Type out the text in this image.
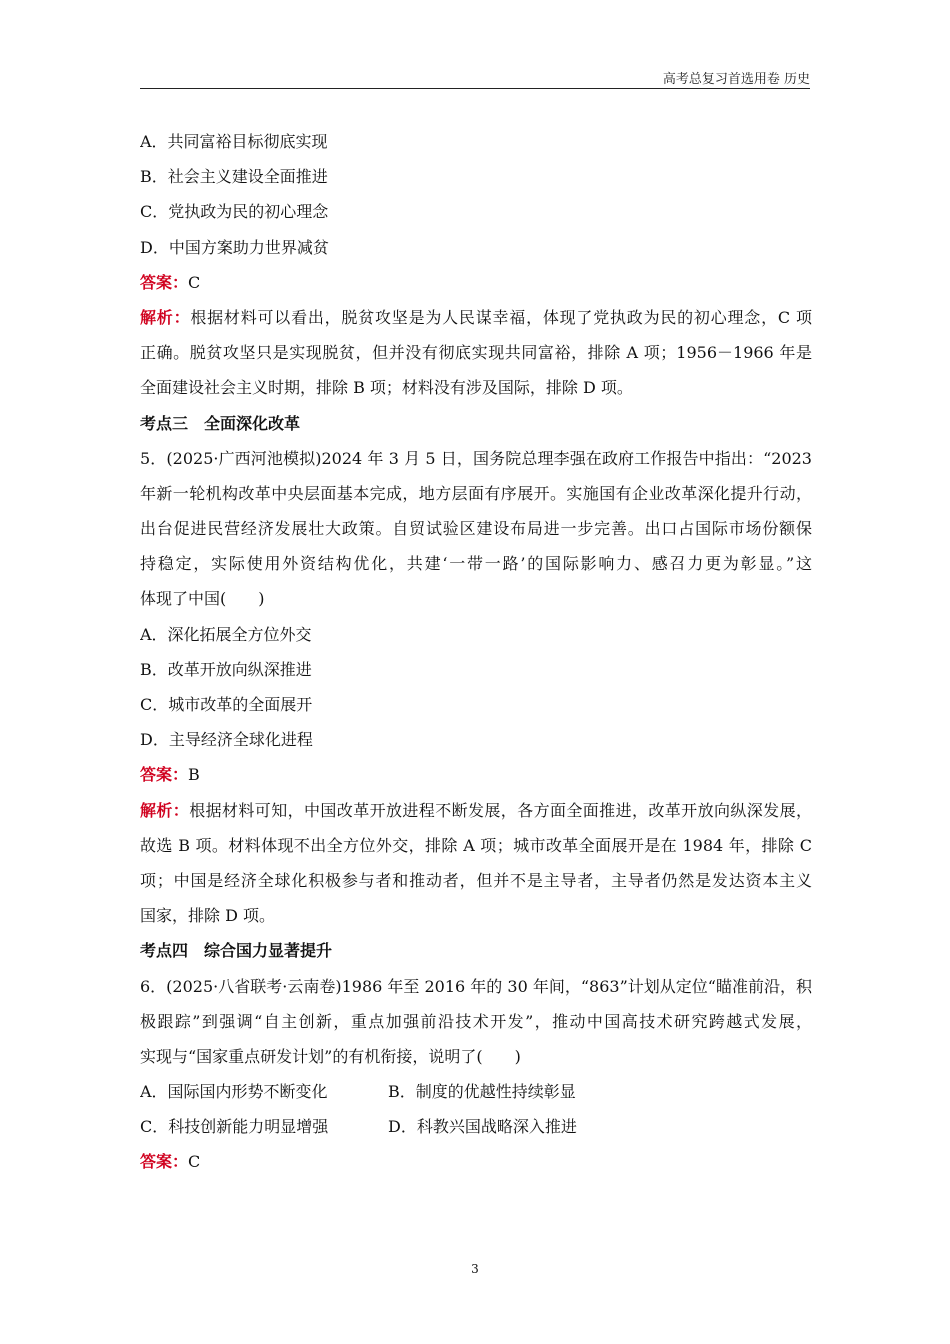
高考总复习首选用卷 历史
A．共同富裕目标彻底实现
B．社会主义建设全面推进
C．党执政为民的初心理念
D．中国方案助力世界减贫
答案：C
解析：根据材料可以看出，脱贫攻坚是为人民谋幸福，体现了党执政为民的初心理念，C 项
正确。脱贫攻坚只是实现脱贫，但并没有彻底实现共同富裕，排除 A 项；1956－1966 年是
全面建设社会主义时期，排除 B 项；材料没有涉及国际，排除 D 项。
考点三　全面深化改革
5．(2025·广西河池模拟)2024 年 3 月 5 日，国务院总理李强在政府工作报告中指出：“2023
年新一轮机构改革中央层面基本完成，地方层面有序展开。实施国有企业改革深化提升行动，
出台促进民营经济发展壮大政策。自贸试验区建设布局进一步完善。出口占国际市场份额保
持稳定，实际使用外资结构优化，共建‘一带一路’的国际影响力、感召力更为彰显。”这
体现了中国(　　)
A．深化拓展全方位外交
B．改革开放向纵深推进
C．城市改革的全面展开
D．主导经济全球化进程
答案：B
解析：根据材料可知，中国改革开放进程不断发展，各方面全面推进，改革开放向纵深发展，
故选 B 项。材料体现不出全方位外交，排除 A 项；城市改革全面展开是在 1984 年，排除 C
项；中国是经济全球化积极参与者和推动者，但并不是主导者，主导者仍然是发达资本主义
国家，排除 D 项。
考点四　综合国力显著提升
6．(2025·八省联考·云南卷)1986 年至 2016 年的 30 年间，“863”计划从定位“瞄准前沿，积
极跟踪”到强调“自主创新，重点加强前沿技术开发”，推动中国高技术研究跨越式发展，
实现与“国家重点研发计划”的有机衔接，说明了(　　)
A．国际国内形势不断变化	B．制度的优越性持续彰显
C．科技创新能力明显增强	D．科教兴国战略深入推进
答案：C
3
